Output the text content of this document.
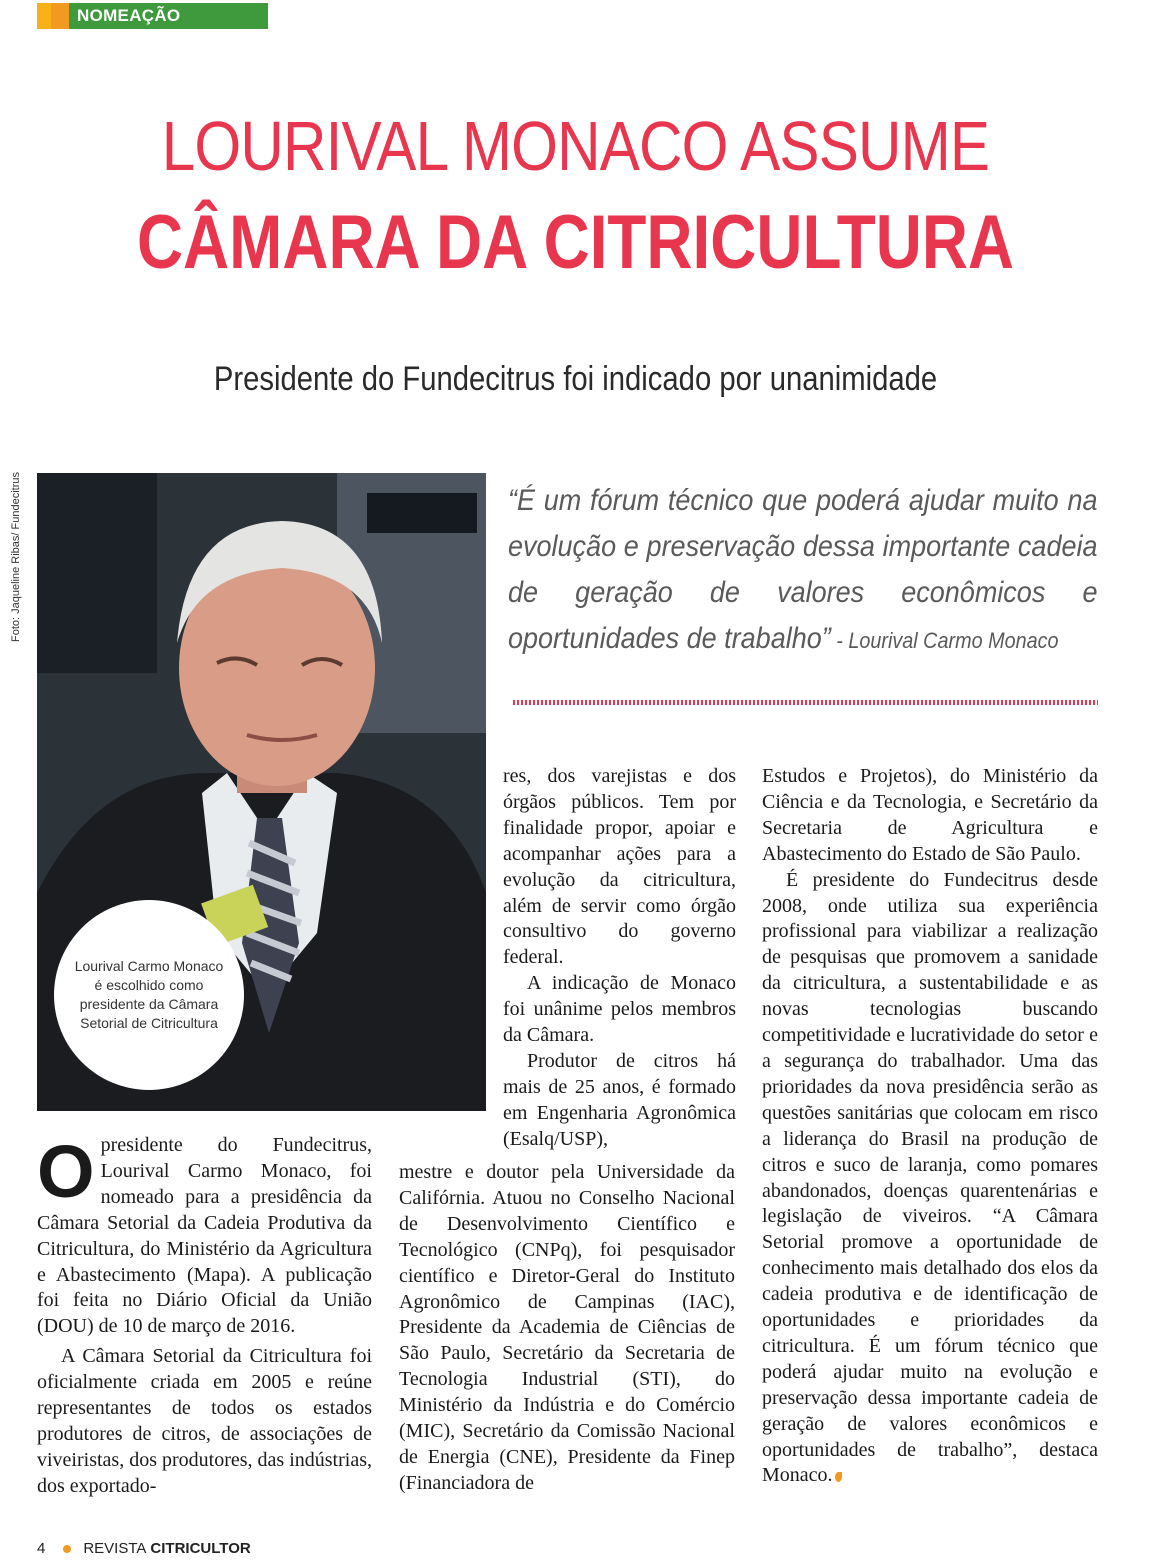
NOMEAÇÃO
LOURIVAL MONACO ASSUME
CÂMARA DA CITRICULTURA
Presidente do Fundecitrus foi indicado por unanimidade
Foto: Jaqueline Ribas/ Fundecitrus
Lourival Carmo Monaco é escolhido como presidente da Câmara Setorial de Citricultura
“É um fórum técnico que poderá ajudar muito na evolução e preservação dessa importante cadeia de geração de valores econômicos e oportunidades de trabalho” - Lourival Carmo Monaco

Opresidente do Fundecitrus, Lourival Carmo Monaco, foi nomeado para a presidência da Câmara Setorial da Cadeia Produtiva da Citricultura, do Ministério da Agricultura e Abastecimento (Mapa). A publicação foi feita no Diário Oficial da União (DOU) de 10 de março de 2016.

A Câmara Setorial da Citricultura foi oficialmente criada em 2005 e reúne representantes de todos os estados produtores de citros, de associações de viveiristas, dos produtores, das indústrias, dos exportado-

res, dos varejistas e dos órgãos públicos. Tem por finalidade propor, apoiar e acompanhar ações para a evolução da citricultura, além de servir como órgão consultivo do governo federal.

A indicação de Monaco foi unânime pelos membros da Câmara.

Produtor de citros há mais de 25 anos, é formado em Engenharia Agronômica (Esalq/USP),

mestre e doutor pela Universidade da Califórnia. Atuou no Conselho Nacional de Desenvolvimento Científico e Tecnológico (CNPq), foi pesquisador científico e Diretor-Geral do Instituto Agronômico de Campinas (IAC), Presidente da Academia de Ciências de São Paulo, Secretário da Secretaria de Tecnologia Industrial (STI), do Ministério da Indústria e do Comércio (MIC), Secretário da Comissão Nacional de Energia (CNE), Presidente da Finep (Financiadora de

Estudos e Projetos), do Ministério da Ciência e da Tecnologia, e Secretário da Secretaria de Agricultura e Abastecimento do Estado de São Paulo.

É presidente do Fundecitrus desde 2008, onde utiliza sua experiência profissional para viabilizar a realização de pesquisas que promovem a sanidade da citricultura, a sustentabilidade e as novas tecnologias buscando competitividade e lucratividade do setor e a segurança do trabalhador. Uma das prioridades da nova presidência serão as questões sanitárias que colocam em risco a liderança do Brasil na produção de citros e suco de laranja, como pomares abandonados, doenças quarentenárias e legislação de viveiros. “A Câmara Setorial promove a oportunidade de conhecimento mais detalhado dos elos da cadeia produtiva e de identificação de oportunidades e prioridades da citricultura. É um fórum técnico que poderá ajudar muito na evolução e preservação dessa importante cadeia de geração de valores econômicos e oportunidades de trabalho”, destaca Monaco.

4	REVISTA CITRICULTOR
